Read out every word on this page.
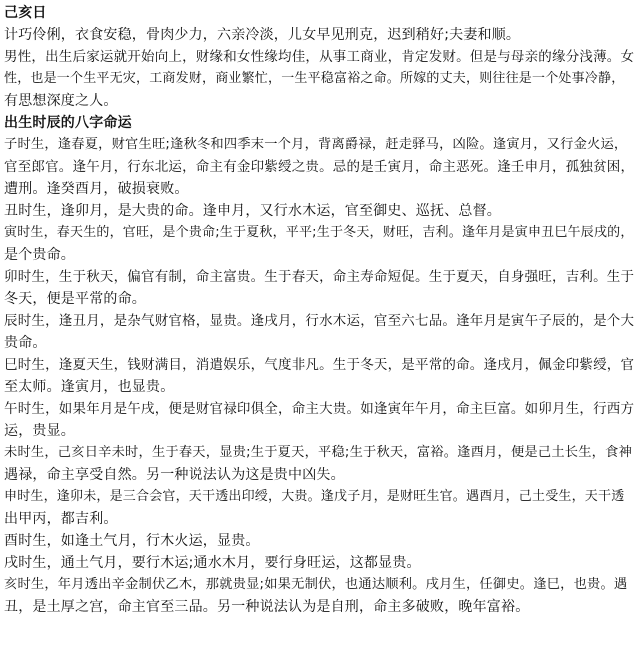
己亥日
计巧伶俐，衣食安稳，骨肉少力，六亲冷淡，儿女早见刑克，迟到稍好;夫妻和顺。
男性，出生后家运就开始向上，财缘和女性缘均佳，从事工商业，肯定发财。但是与母亲的缘分浅薄。女
性，也是一个生平无灾，工商发财，商业繁忙，一生平稳富裕之命。所嫁的丈夫，则往往是一个处事冷静，
有思想深度之人。
出生时辰的八字命运
子时生，逢春夏，财官生旺;逢秋冬和四季末一个月，背离爵禄，赶走驿马，凶险。逢寅月，又行金火运，
官至郎官。逢午月，行东北运，命主有金印紫绶之贵。忌的是壬寅月，命主恶死。逢壬申月，孤独贫困，
遭刑。逢癸酉月，破损衰败。
丑时生，逢卯月，是大贵的命。逢申月，又行水木运，官至御史、巡抚、总督。
寅时生，春天生的，官旺，是个贵命;生于夏秋，平平;生于冬天，财旺，吉利。逢年月是寅申丑巳午辰戌的，
是个贵命。
卯时生，生于秋天，偏官有制，命主富贵。生于春天，命主寿命短促。生于夏天，自身强旺，吉利。生于
冬天，便是平常的命。
辰时生，逢丑月，是杂气财官格，显贵。逢戌月，行水木运，官至六七品。逢年月是寅午子辰的，是个大
贵命。
巳时生，逢夏天生，钱财满目，消遣娱乐，气度非凡。生于冬天，是平常的命。逢戌月，佩金印紫绶，官
至太师。逢寅月，也显贵。
午时生，如果年月是午戌，便是财官禄印俱全，命主大贵。如逢寅年午月，命主巨富。如卯月生，行西方
运，贵显。
未时生，己亥日辛未时，生于春天，显贵;生于夏天，平稳;生于秋天，富裕。逢酉月，便是己土长生，食神
遇禄，命主享受自然。另一种说法认为这是贵中凶失。
申时生，逢卯未，是三合会官，天干透出印绶，大贵。逢戊子月，是财旺生官。遇酉月，己土受生，天干透
出甲丙，都吉利。
酉时生，如逢土气月，行木火运，显贵。
戌时生，通土气月，要行木运;通水木月，要行身旺运，这都显贵。
亥时生，年月透出辛金制伏乙木，那就贵显;如果无制伏，也通达顺利。戌月生，任御史。逢巳，也贵。遇
丑，是土厚之宫，命主官至三品。另一种说法认为是自刑，命主多破败，晚年富裕。
